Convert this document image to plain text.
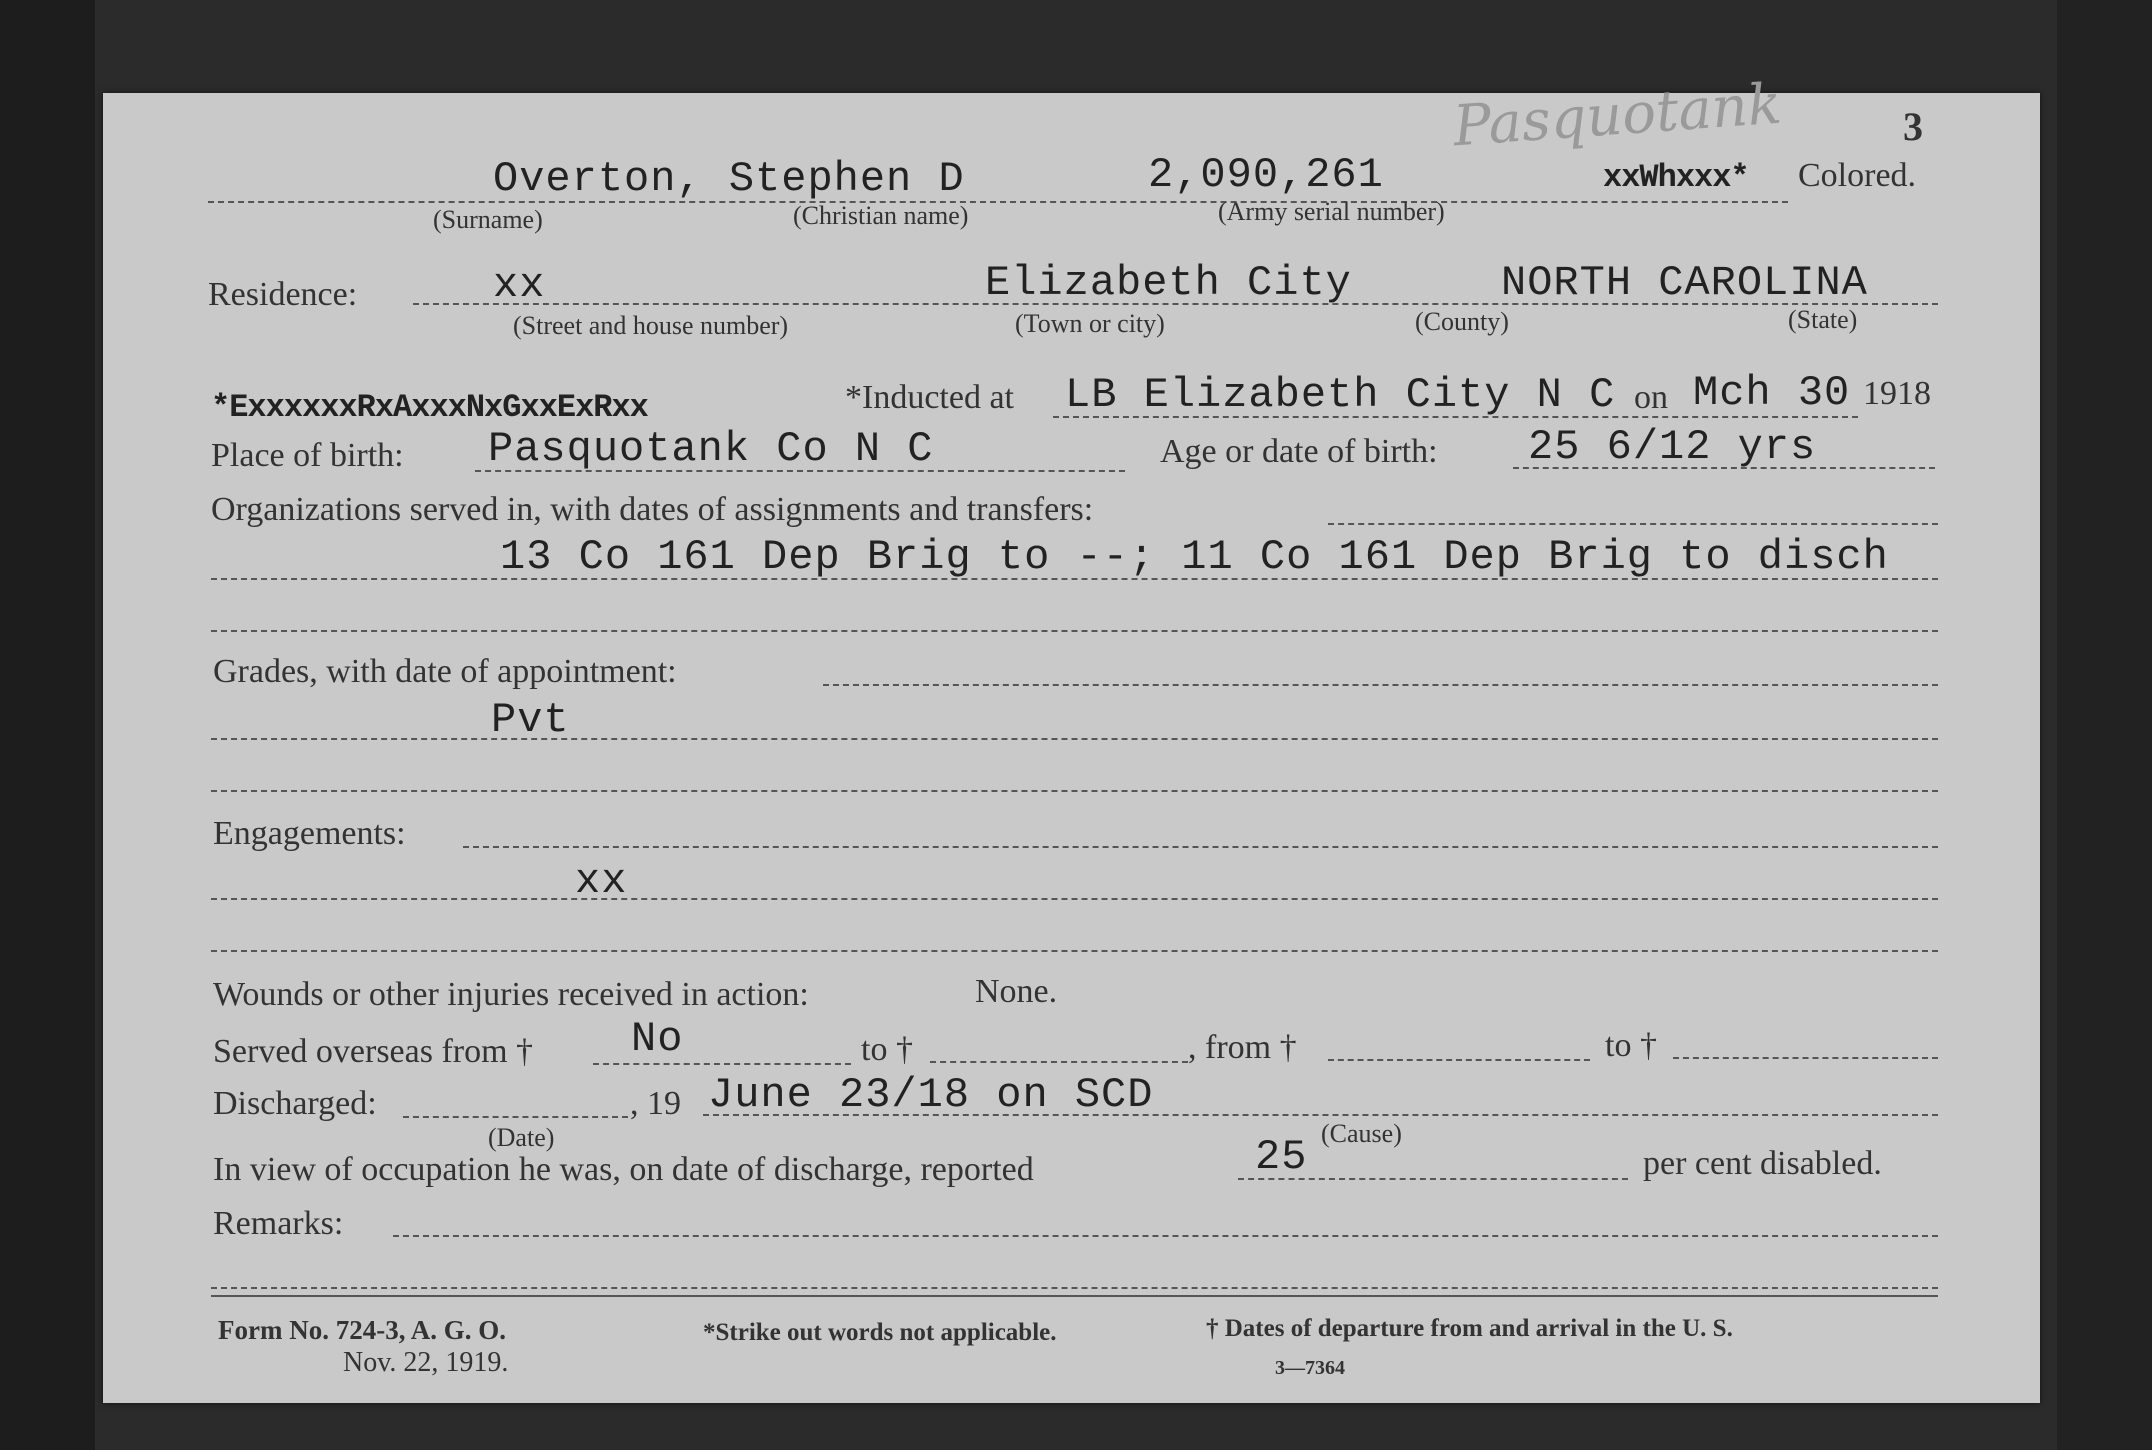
Pasquotank	3
Overton, Stephen D	2,090,261	xxWhxxx* Colored.
(Surname)	(Christian name)	(Army serial number)
Residence:	xx	Elizabeth City	NORTH CAROLINA
(Street and house number)	(Town or city)	(County)	(State)
*ExxxxxxRxAxxxNxGxxExRxx	*Inducted at LB Elizabeth City N C on Mch 30 1918
Place of birth: Pasquotank Co N C	Age or date of birth: 25 6/12 yrs
Organizations served in, with dates of assignments and transfers:
13 Co 161 Dep Brig to --; 11 Co 161 Dep Brig to disch
Grades, with date of appointment:
Pvt
Engagements:
xx
Wounds or other injuries received in action:	None.
Served overseas from † No	to †	, from †	to †
Discharged:	, 19 June 23/18 on SCD
(Date)	(Cause)
In view of occupation he was, on date of discharge, reported	25	per cent disabled.
Remarks:
Form No. 724-3, A. G. O.
Nov. 22, 1919.
*Strike out words not applicable.	† Dates of departure from and arrival in the U. S.
3—7364
